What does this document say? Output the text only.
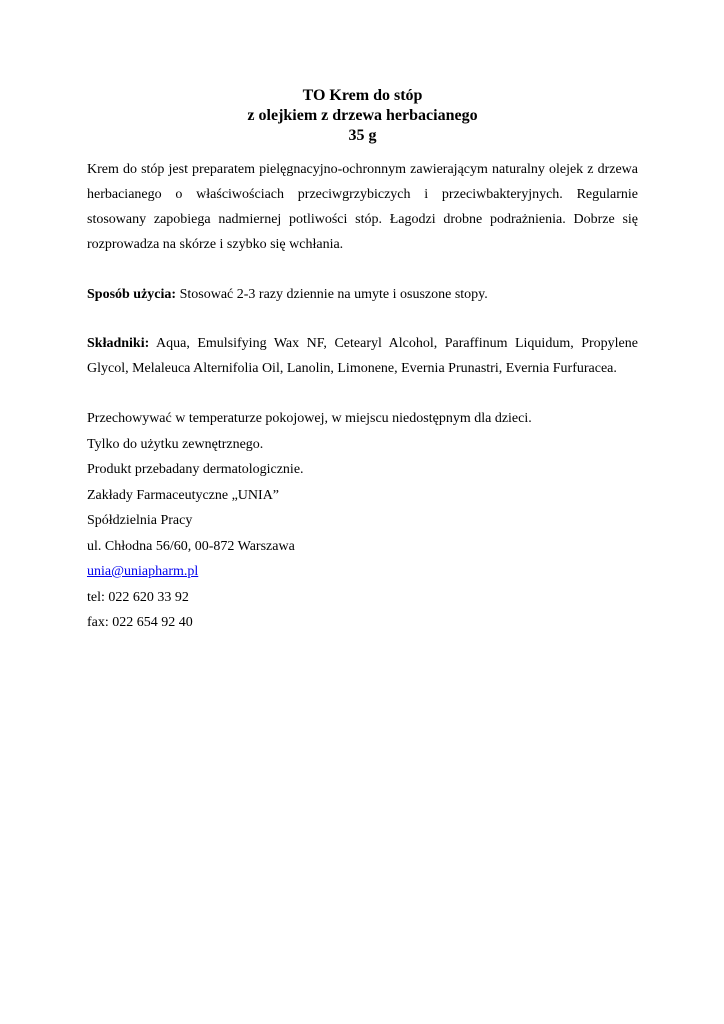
TO Krem do stóp
z olejkiem z drzewa herbacianego
35 g

Krem do stóp jest preparatem pielęgnacyjno-ochronnym zawierającym naturalny olejek z drzewa herbacianego o właściwościach przeciwgrzybiczych i przeciwbakteryjnych. Regularnie stosowany zapobiega nadmiernej potliwości stóp. Łagodzi drobne podrażnienia. Dobrze się rozprowadza na skórze i szybko się wchłania.

Sposób użycia: Stosować 2-3 razy dziennie na umyte i osuszone stopy.

Składniki: Aqua, Emulsifying Wax NF, Cetearyl Alcohol, Paraffinum Liquidum, Propylene Glycol, Melaleuca Alternifolia Oil, Lanolin, Limonene, Evernia Prunastri, Evernia Furfuracea.

Przechowywać w temperaturze pokojowej, w miejscu niedostępnym dla dzieci.
Tylko do użytku zewnętrznego.
Produkt przebadany dermatologicznie.
Zakłady Farmaceutyczne „UNIA”
Spółdzielnia Pracy
ul. Chłodna 56/60, 00-872 Warszawa
unia@uniapharm.pl
tel: 022 620 33 92
fax: 022 654 92 40
